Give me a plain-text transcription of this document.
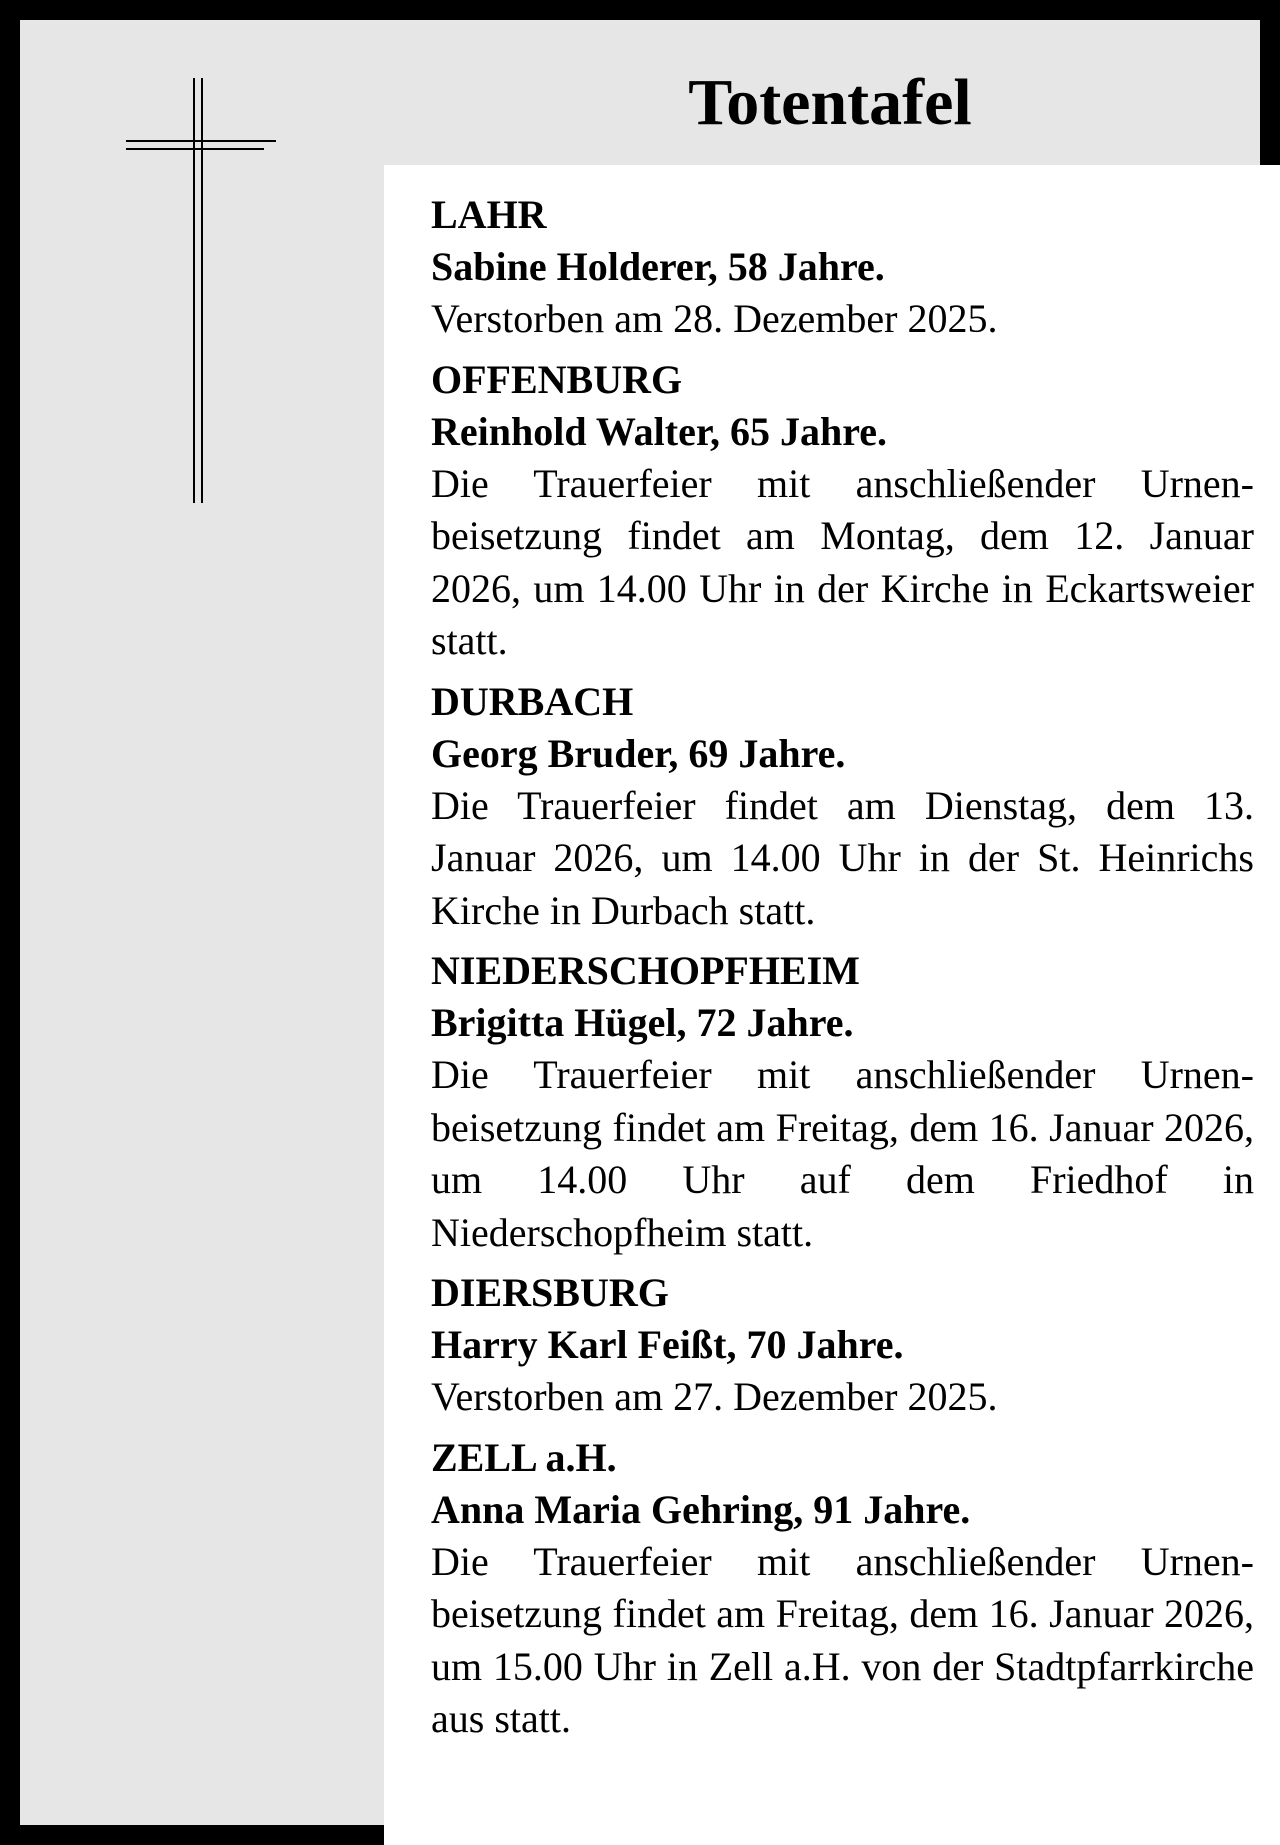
Totentafel
LAHR
Sabine Holderer, 58 Jahre.
Verstorben am 28. Dezember 2025.
OFFENBURG
Reinhold Walter, 65 Jahre.
Die Trauerfeier mit anschließender Urnenbeisetzung findet am Montag, dem 12. Januar 2026, um 14.00 Uhr in der Kirche in Eckartsweier statt.
DURBACH
Georg Bruder, 69 Jahre.
Die Trauerfeier findet am Dienstag, dem 13. Januar 2026, um 14.00 Uhr in der St. Heinrichs Kirche in Durbach statt.
NIEDERSCHOPFHEIM
Brigitta Hügel, 72 Jahre.
Die Trauerfeier mit anschließender Urnenbeisetzung findet am Freitag, dem 16. Januar 2026, um 14.00 Uhr auf dem Friedhof in Niederschopfheim statt.
DIERSBURG
Harry Karl Feißt, 70 Jahre.
Verstorben am 27. Dezember 2025.
ZELL a.H.
Anna Maria Gehring, 91 Jahre.
Die Trauerfeier mit anschließender Urnenbeisetzung findet am Freitag, dem 16. Januar 2026, um 15.00 Uhr in Zell a.H. von der Stadtpfarrkirche aus statt.
